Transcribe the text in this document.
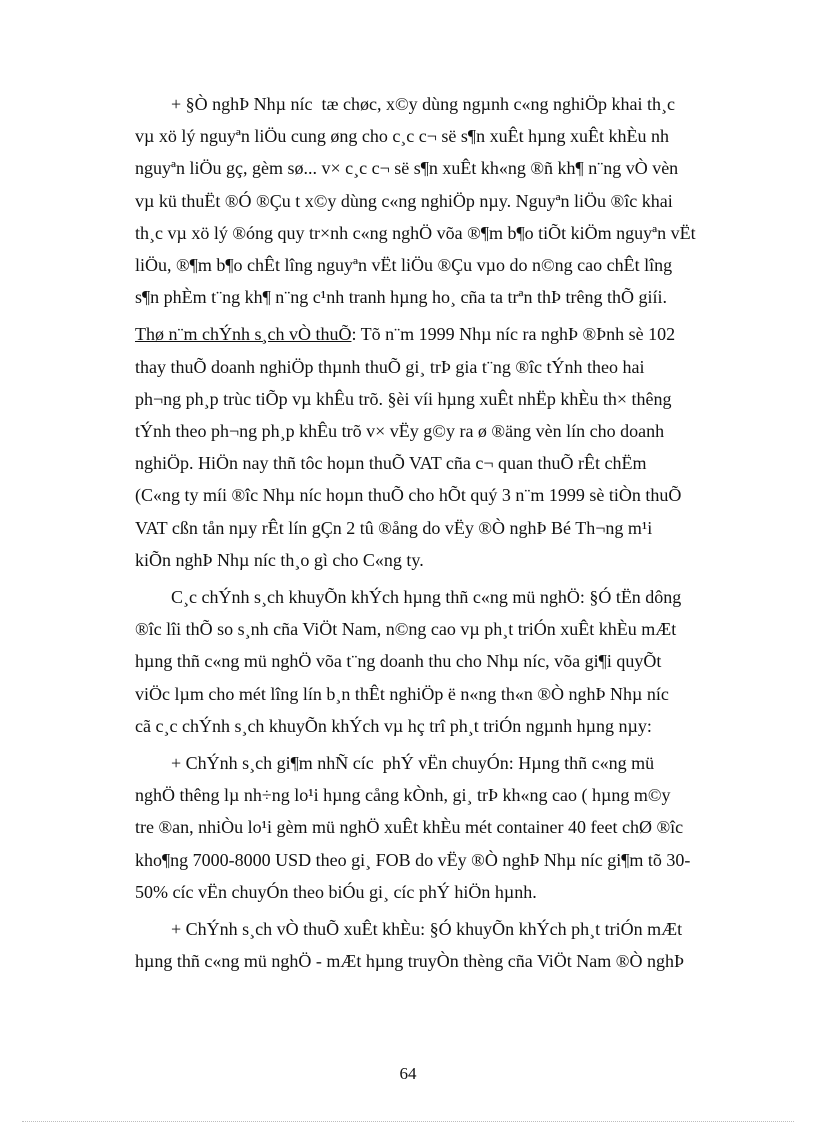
+ §Ò nghÞ Nhµ níc  tæ chøc, x©y dùng ngµnh c«ng nghiÖp khai th¸c
vµ xö lý nguyªn liÖu cung øng cho c¸c c¬ së s¶n xuÊt hµng xuÊt khÈu nh
nguyªn liÖu gç, gèm sø... v× c¸c c¬ së s¶n xuÊt kh«ng ®ñ kh¶ n¨ng vÒ vèn
vµ kü thuËt ®Ó ®Çu t x©y dùng c«ng nghiÖp nµy. Nguyªn liÖu ®îc khai
th¸c vµ xö lý ®óng quy tr×nh c«ng nghÖ võa ®¶m b¶o tiÕt kiÖm nguyªn vËt
liÖu, ®¶m b¶o chÊt lîng nguyªn vËt liÖu ®Çu vµo do n©ng cao chÊt lîng
s¶n phÈm t¨ng kh¶ n¨ng c¹nh tranh hµng ho¸ cña ta trªn thÞ trêng thÕ giíi.

Thø n¨m chÝnh s¸ch vÒ thuÕ: Tõ n¨m 1999 Nhµ níc ra nghÞ ®Þnh sè 102
thay thuÕ doanh nghiÖp thµnh thuÕ gi¸ trÞ gia t¨ng ®îc tÝnh theo hai
ph¬ng ph¸p trùc tiÕp vµ khÊu trõ. §èi víi hµng xuÊt nhËp khÈu th× thêng
tÝnh theo ph¬ng ph¸p khÊu trõ v× vËy g©y ra ø ®äng vèn lín cho doanh
nghiÖp. HiÖn nay thñ tôc hoµn thuÕ VAT cña c¬ quan thuÕ rÊt chËm
(C«ng ty míi ®îc Nhµ níc hoµn thuÕ cho hÕt quý 3 n¨m 1999 sè tiÒn thuÕ
VAT cßn tån nµy rÊt lín gÇn 2 tû ®ång do vËy ®Ò nghÞ Bé Th¬ng m¹i
kiÕn nghÞ Nhµ níc th¸o gì cho C«ng ty.

C¸c chÝnh s¸ch khuyÕn khÝch hµng thñ c«ng mü nghÖ: §Ó tËn dông
®îc lîi thÕ so s¸nh cña ViÖt Nam, n©ng cao vµ ph¸t triÓn xuÊt khÈu mÆt
hµng thñ c«ng mü nghÖ võa t¨ng doanh thu cho Nhµ níc, võa gi¶i quyÕt
viÖc lµm cho mét lîng lín b¸n thÊt nghiÖp ë n«ng th«n ®Ò nghÞ Nhµ níc
cã c¸c chÝnh s¸ch khuyÕn khÝch vµ hç trî ph¸t triÓn ngµnh hµng nµy:

+ ChÝnh s¸ch gi¶m nhÑ cíc  phÝ vËn chuyÓn: Hµng thñ c«ng mü
nghÖ thêng lµ nh÷ng lo¹i hµng cång kÒnh, gi¸ trÞ kh«ng cao ( hµng m©y
tre ®an, nhiÒu lo¹i gèm mü nghÖ xuÊt khÈu mét container 40 feet chØ ®îc
kho¶ng 7000-8000 USD theo gi¸ FOB do vËy ®Ò nghÞ Nhµ níc gi¶m tõ 30-
50% cíc vËn chuyÓn theo biÓu gi¸ cíc phÝ hiÖn hµnh.

+ ChÝnh s¸ch vÒ thuÕ xuÊt khÈu: §Ó khuyÕn khÝch ph¸t triÓn mÆt
hµng thñ c«ng mü nghÖ - mÆt hµng truyÒn thèng cña ViÖt Nam ®Ò nghÞ

64
